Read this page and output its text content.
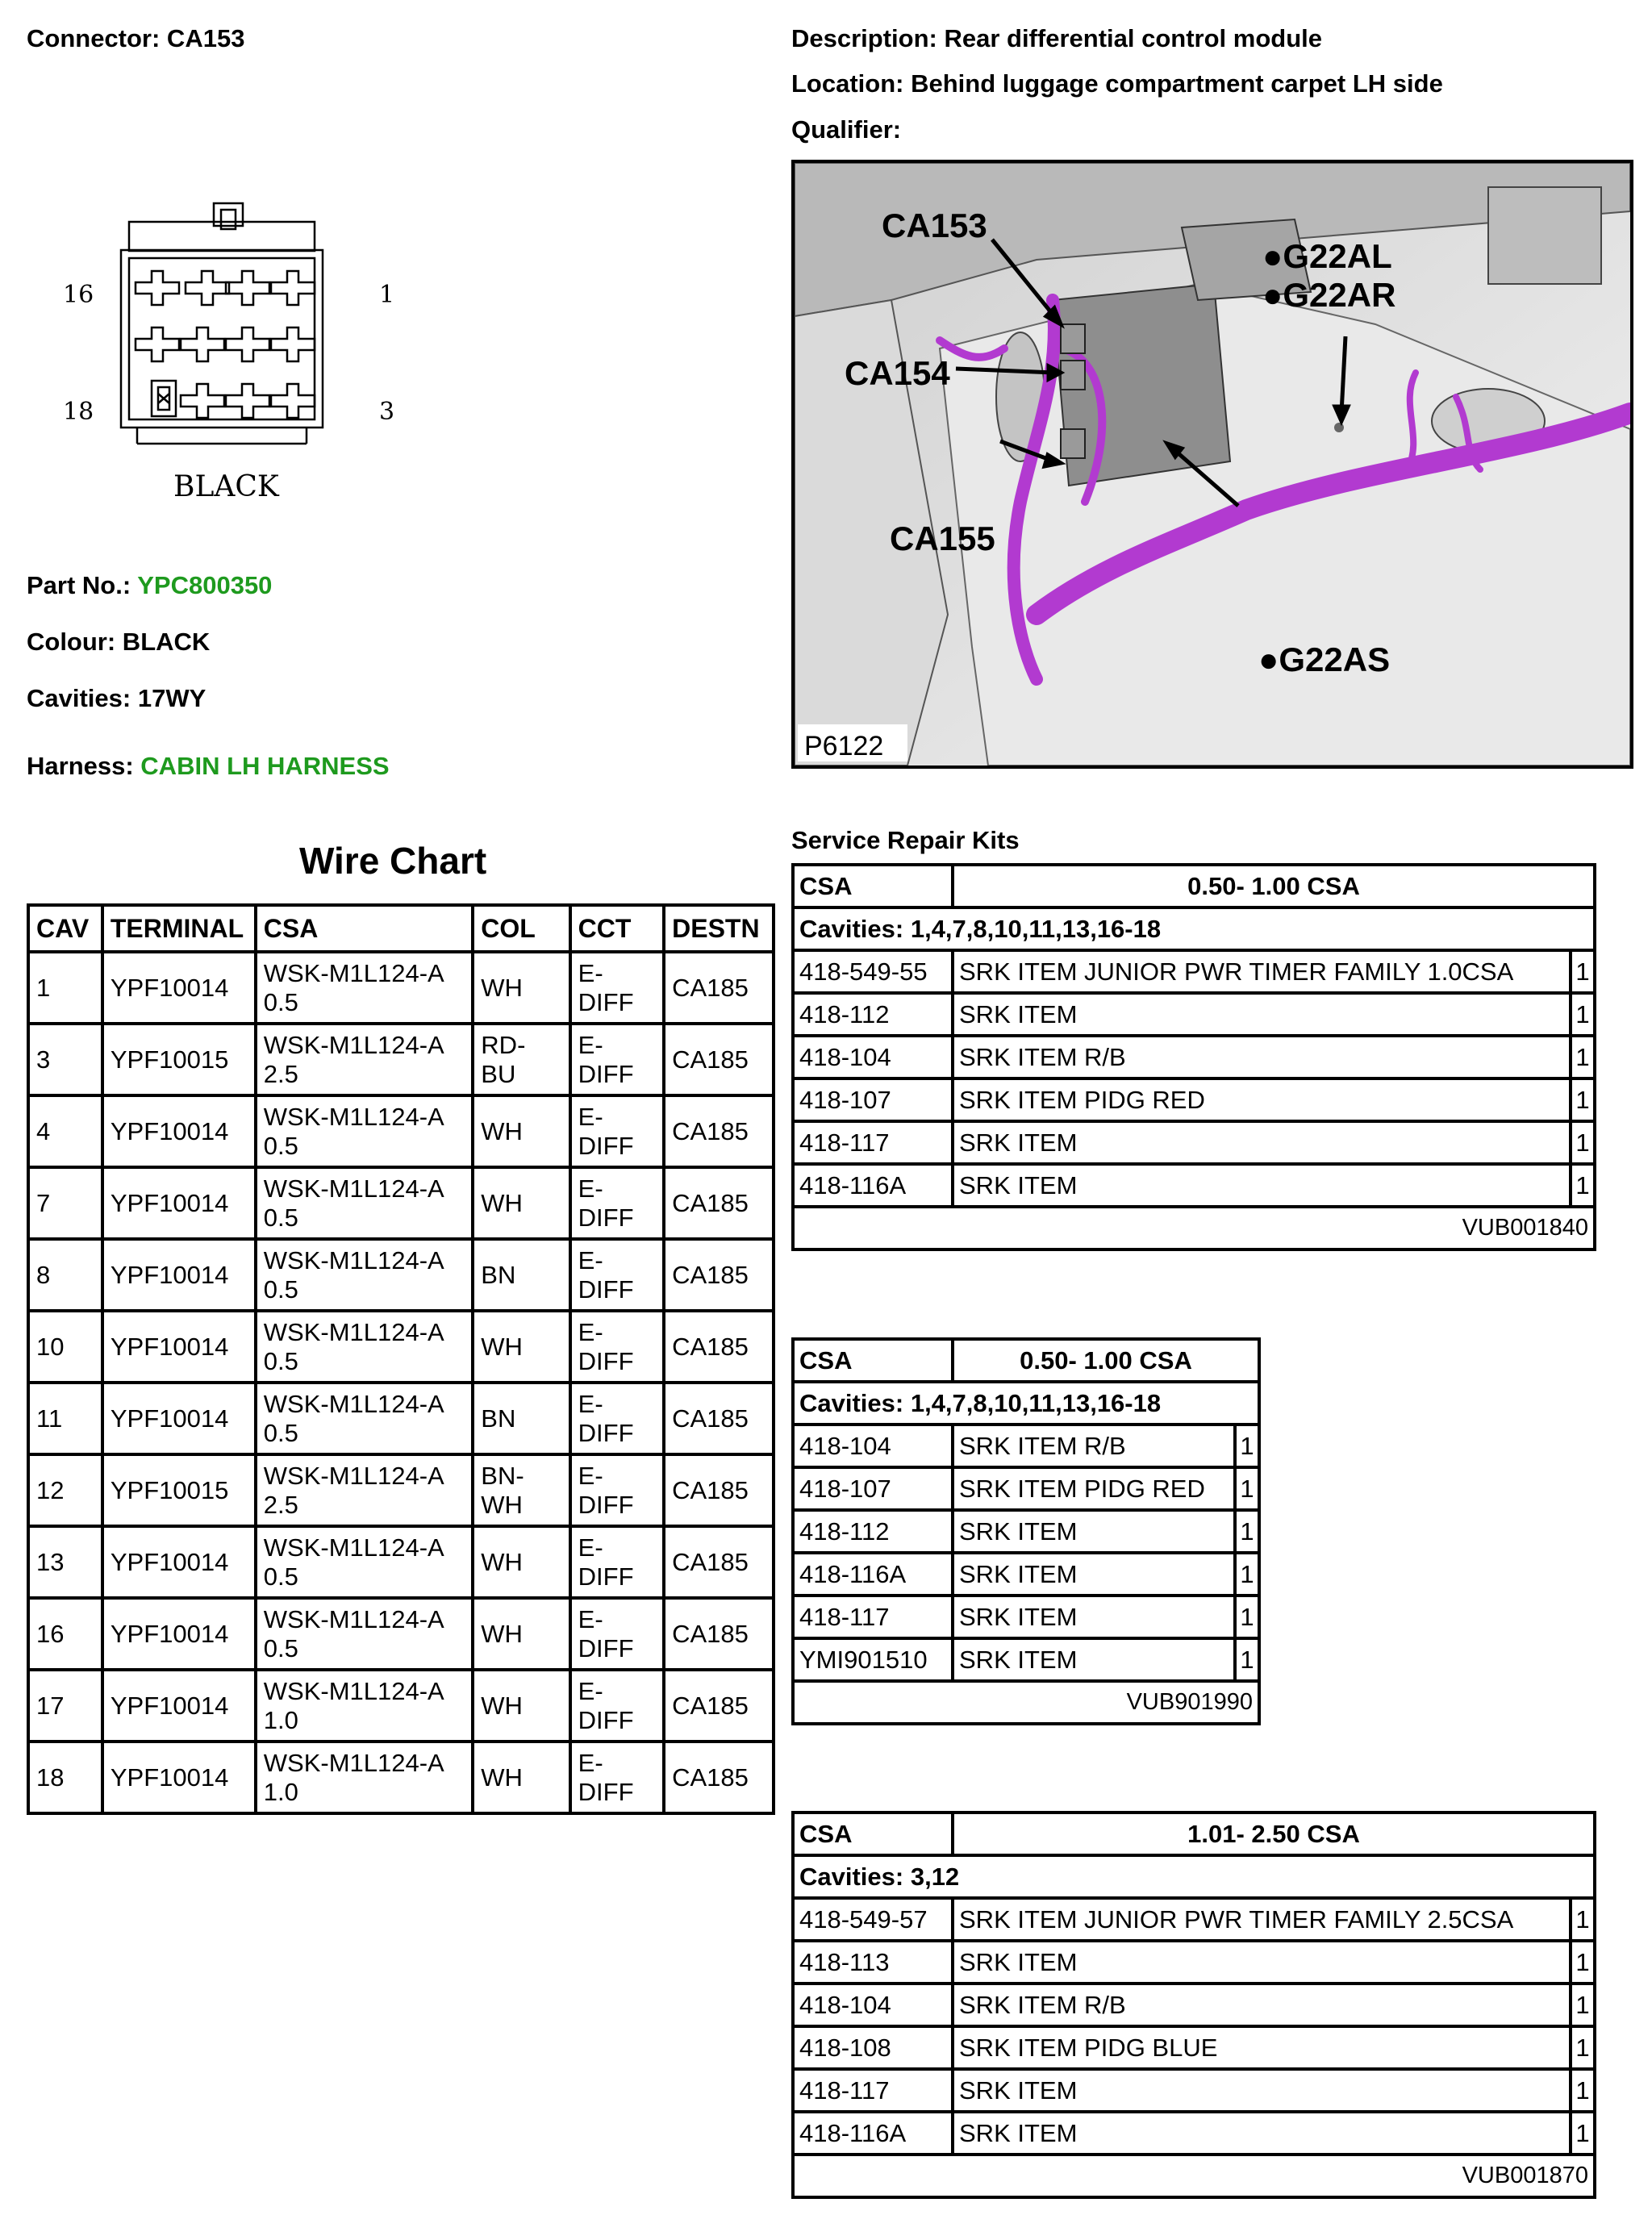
Connector: CA153	Description: Rear differential control module
Location: Behind luggage compartment carpet LH side
Qualifier:
16	1
18	3
BLACK
Part No.: YPC800350
Colour: BLACK
Cavities: 17WY
Harness: CABIN LH HARNESS
CA153
CA154
CA155
●G22AL
●G22AR
●G22AS
P6122
Wire Chart
CAV	TERMINAL	CSA	COL	CCT	DESTN
1	YPF10014	WSK-M1L124-A 0.5	WH	E- DIFF	CA185
3	YPF10015	WSK-M1L124-A 2.5	RD- BU	E- DIFF	CA185
4	YPF10014	WSK-M1L124-A 0.5	WH	E- DIFF	CA185
7	YPF10014	WSK-M1L124-A 0.5	WH	E- DIFF	CA185
8	YPF10014	WSK-M1L124-A 0.5	BN	E- DIFF	CA185
10	YPF10014	WSK-M1L124-A 0.5	WH	E- DIFF	CA185
11	YPF10014	WSK-M1L124-A 0.5	BN	E- DIFF	CA185
12	YPF10015	WSK-M1L124-A 2.5	BN- WH	E- DIFF	CA185
13	YPF10014	WSK-M1L124-A 0.5	WH	E- DIFF	CA185
16	YPF10014	WSK-M1L124-A 0.5	WH	E- DIFF	CA185
17	YPF10014	WSK-M1L124-A 1.0	WH	E- DIFF	CA185
18	YPF10014	WSK-M1L124-A 1.0	WH	E- DIFF	CA185
Service Repair Kits
CSA	0.50- 1.00 CSA	
Cavities: 1,4,7,8,10,11,13,16-18		
418-549-55	SRK ITEM JUNIOR PWR TIMER FAMILY 1.0CSA	1
418-112	SRK ITEM	1
418-104	SRK ITEM R/B	1
418-107	SRK ITEM PIDG RED	1
418-117	SRK ITEM	1
418-116A	SRK ITEM	1
VUB001840		
CSA	0.50- 1.00 CSA	
Cavities: 1,4,7,8,10,11,13,16-18		
418-104	SRK ITEM R/B	1
418-107	SRK ITEM PIDG RED	1
418-112	SRK ITEM	1
418-116A	SRK ITEM	1
418-117	SRK ITEM	1
YMI901510	SRK ITEM	1
VUB901990		
CSA	1.01- 2.50 CSA	
Cavities: 3,12		
418-549-57	SRK ITEM JUNIOR PWR TIMER FAMILY 2.5CSA	1
418-113	SRK ITEM	1
418-104	SRK ITEM R/B	1
418-108	SRK ITEM PIDG BLUE	1
418-117	SRK ITEM	1
418-116A	SRK ITEM	1
VUB001870		
